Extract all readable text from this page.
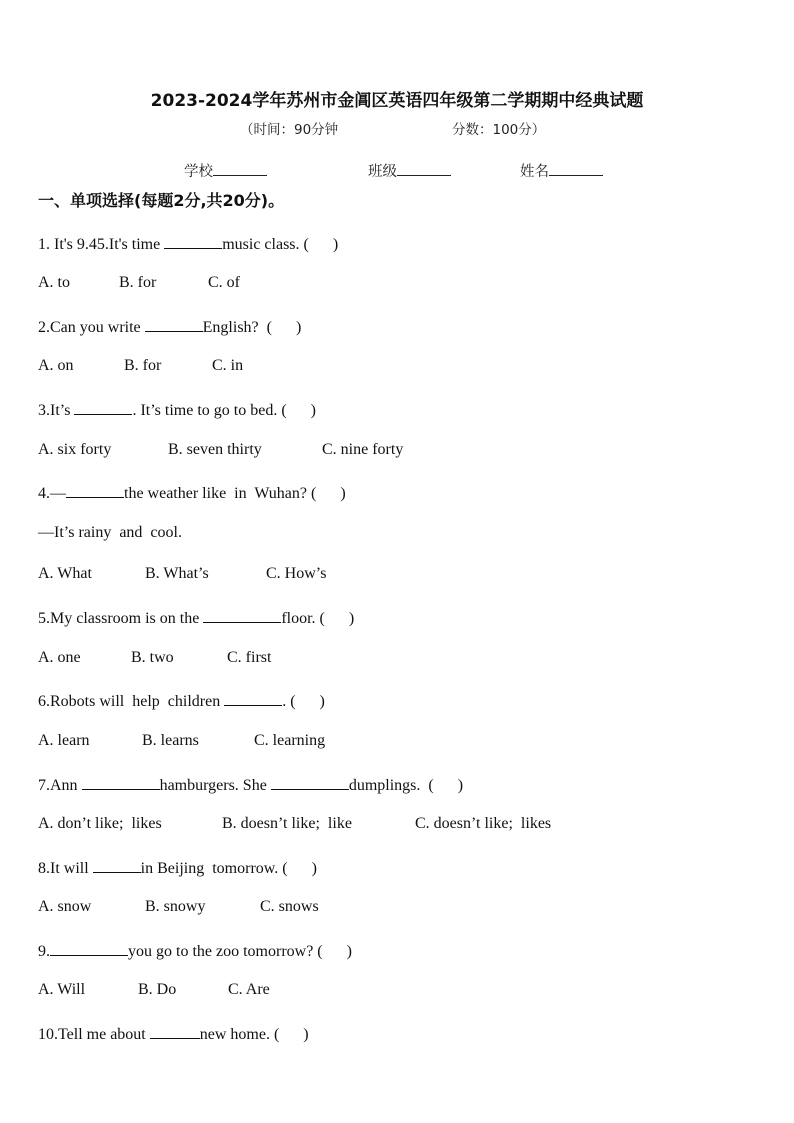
2023-2024学年苏州市金阊区英语四年级第二学期期中经典试题
（时间：90分钟	分数：100分）
学校	班级	姓名
一、单项选择(每题2分,共20分)。
1. It's 9.45.It's time	music class. (      )
A. to	B. for	C. of
2.Can you write	English?  (      )
A. on	B. for	C. in
3.It’s	. It’s time to go to bed. (      )
A. six forty	B. seven thirty	C. nine forty
4.—	the weather like  in  Wuhan? (      )
—It’s rainy  and  cool.
A. What	B. What’s	C. How’s
5.My classroom is on the	floor. (      )
A. one	B. two	C. first
6.Robots will  help  children	. (      )
A. learn	B. learns	C. learning
7.Ann	hamburgers. She	dumplings.  (      )
A. don’t like;  likes	B. doesn’t like;  like	C. doesn’t like;  likes
8.It will	in Beijing  tomorrow. (      )
A. snow	B. snowy	C. snows
9.	you go to the zoo tomorrow? (      )
A. Will	B. Do	C. Are
10.Tell me about	new home. (      )
